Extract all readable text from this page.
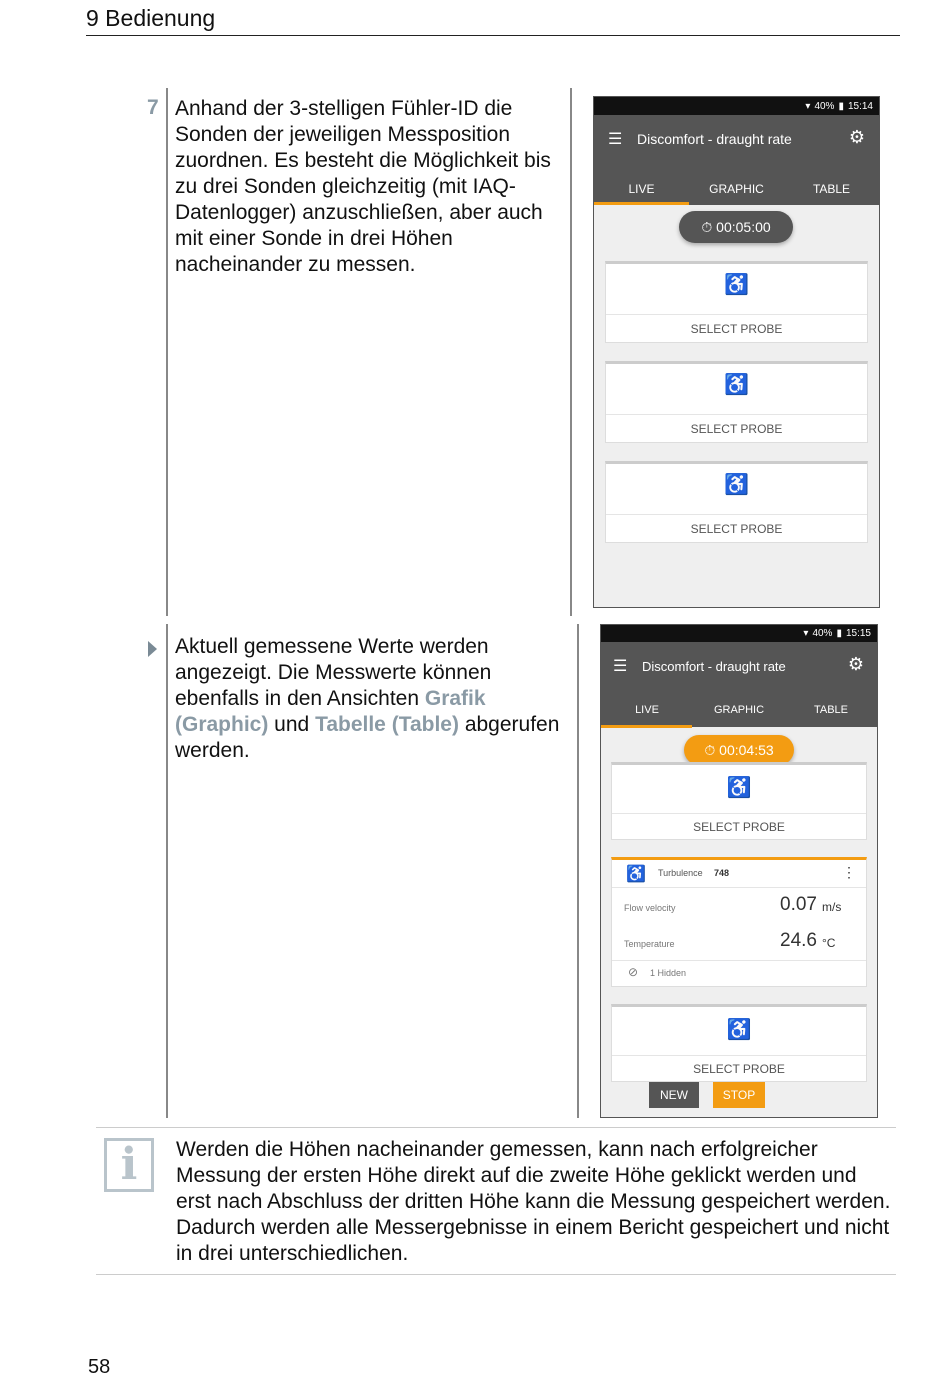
9 Bedienung
7 Anhand der 3-stelligen Fühler-ID die Sonden der jeweiligen Messposition zuordnen. Es besteht die Möglichkeit bis zu drei Sonden gleichzeitig (mit IAQ-Datenlogger) anzuschließen, aber auch mit einer Sonde in drei Höhen nacheinander zu messen.
▾ 40% ▮ 15:14
☰ Discomfort - draught rate	⚙
LIVE	GRAPHIC	TABLE
⏱ 00:05:00
♿
SELECT PROBE
♿
SELECT PROBE
♿
SELECT PROBE
Aktuell gemessene Werte werden angezeigt. Die Messwerte können ebenfalls in den Ansichten Grafik (Graphic) und Tabelle (Table) abgerufen werden.
▾ 40% ▮ 15:15
☰ Discomfort - draught rate	⚙
LIVE	GRAPHIC	TABLE
⏱ 00:04:53
♿
SELECT PROBE
♿ Turbulence 748	⋮
Flow velocity	0.07 m/s
Temperature	24.6 °C
⊘ 1 Hidden
♿
SELECT PROBE
NEW	STOP
i	Werden die Höhen nacheinander gemessen, kann nach erfolgreicher Messung der ersten Höhe direkt auf die zweite Höhe geklickt werden und erst nach Abschluss der dritten Höhe kann die Messung gespeichert werden. Dadurch werden alle Messergebnisse in einem Bericht gespeichert und nicht in drei unterschiedlichen.
58
